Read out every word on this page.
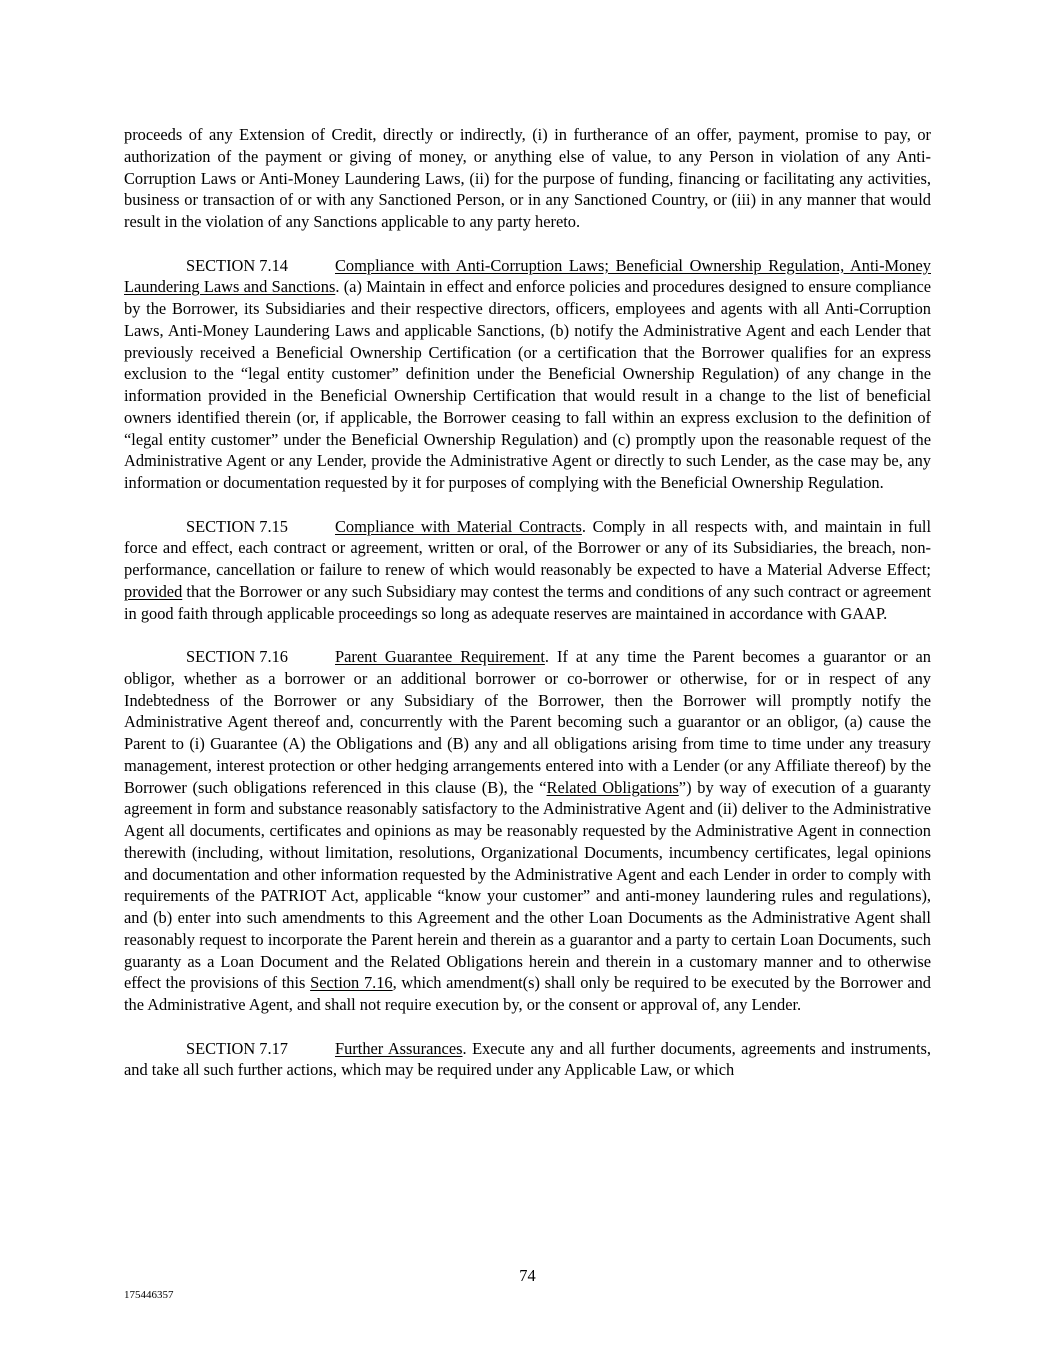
proceeds of any Extension of Credit, directly or indirectly, (i) in furtherance of an offer, payment, promise to pay, or authorization of the payment or giving of money, or anything else of value, to any Person in violation of any Anti-Corruption Laws or Anti-Money Laundering Laws, (ii) for the purpose of funding, financing or facilitating any activities, business or transaction of or with any Sanctioned Person, or in any Sanctioned Country, or (iii) in any manner that would result in the violation of any Sanctions applicable to any party hereto.

SECTION 7.14	Compliance with Anti-Corruption Laws; Beneficial Ownership Regulation, Anti-Money Laundering Laws and Sanctions. (a) Maintain in effect and enforce policies and procedures designed to ensure compliance by the Borrower, its Subsidiaries and their respective directors, officers, employees and agents with all Anti-Corruption Laws, Anti-Money Laundering Laws and applicable Sanctions, (b) notify the Administrative Agent and each Lender that previously received a Beneficial Ownership Certification (or a certification that the Borrower qualifies for an express exclusion to the “legal entity customer” definition under the Beneficial Ownership Regulation) of any change in the information provided in the Beneficial Ownership Certification that would result in a change to the list of beneficial owners identified therein (or, if applicable, the Borrower ceasing to fall within an express exclusion to the definition of “legal entity customer” under the Beneficial Ownership Regulation) and (c) promptly upon the reasonable request of the Administrative Agent or any Lender, provide the Administrative Agent or directly to such Lender, as the case may be, any information or documentation requested by it for purposes of complying with the Beneficial Ownership Regulation.

SECTION 7.15	Compliance with Material Contracts. Comply in all respects with, and maintain in full force and effect, each contract or agreement, written or oral, of the Borrower or any of its Subsidiaries, the breach, non-performance, cancellation or failure to renew of which would reasonably be expected to have a Material Adverse Effect; provided that the Borrower or any such Subsidiary may contest the terms and conditions of any such contract or agreement in good faith through applicable proceedings so long as adequate reserves are maintained in accordance with GAAP.

SECTION 7.16	Parent Guarantee Requirement. If at any time the Parent becomes a guarantor or an obligor, whether as a borrower or an additional borrower or co-borrower or otherwise, for or in respect of any Indebtedness of the Borrower or any Subsidiary of the Borrower, then the Borrower will promptly notify the Administrative Agent thereof and, concurrently with the Parent becoming such a guarantor or an obligor, (a) cause the Parent to (i) Guarantee (A) the Obligations and (B) any and all obligations arising from time to time under any treasury management, interest protection or other hedging arrangements entered into with a Lender (or any Affiliate thereof) by the Borrower (such obligations referenced in this clause (B), the “Related Obligations”) by way of execution of a guaranty agreement in form and substance reasonably satisfactory to the Administrative Agent and (ii) deliver to the Administrative Agent all documents, certificates and opinions as may be reasonably requested by the Administrative Agent in connection therewith (including, without limitation, resolutions, Organizational Documents, incumbency certificates, legal opinions and documentation and other information requested by the Administrative Agent and each Lender in order to comply with requirements of the PATRIOT Act, applicable “know your customer” and anti-money laundering rules and regulations), and (b) enter into such amendments to this Agreement and the other Loan Documents as the Administrative Agent shall reasonably request to incorporate the Parent herein and therein as a guarantor and a party to certain Loan Documents, such guaranty as a Loan Document and the Related Obligations herein and therein in a customary manner and to otherwise effect the provisions of this Section 7.16, which amendment(s) shall only be required to be executed by the Borrower and the Administrative Agent, and shall not require execution by, or the consent or approval of, any Lender.

SECTION 7.17	Further Assurances. Execute any and all further documents, agreements and instruments, and take all such further actions, which may be required under any Applicable Law, or which

74
175446357
